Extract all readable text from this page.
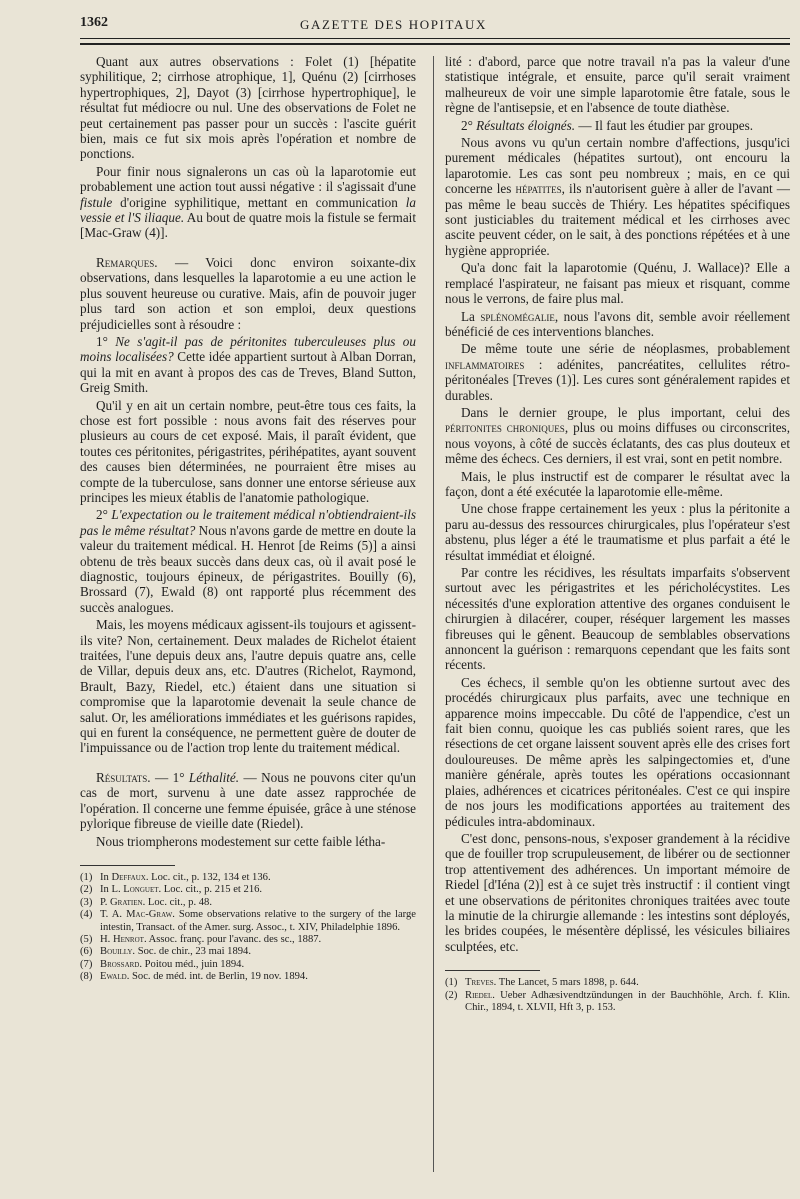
1362	GAZETTE DES HOPITAUX

Quant aux autres observations : Folet (1) [hépatite syphilitique, 2; cirrhose atrophique, 1], Quénu (2) [cirrhoses hypertrophiques, 2], Dayot (3) [cirrhose hypertrophique], le résultat fut médiocre ou nul. Une des observations de Folet ne peut certainement pas passer pour un succès : l'ascite guérit bien, mais ce fut six mois après l'opération et nombre de ponctions.

Pour finir nous signalerons un cas où la laparotomie eut probablement une action tout aussi négative : il s'agissait d'une fistule d'origine syphilitique, mettant en communication la vessie et l'S iliaque. Au bout de quatre mois la fistule se fermait [Mac-Graw (4)].

Remarques. — Voici donc environ soixante-dix observations, dans lesquelles la laparotomie a eu une action le plus souvent heureuse ou curative. Mais, afin de pouvoir juger plus tard son action et son emploi, deux questions préjudicielles sont à résoudre :

1° Ne s'agit-il pas de péritonites tuberculeuses plus ou moins localisées? Cette idée appartient surtout à Alban Dorran, qui la mit en avant à propos des cas de Treves, Bland Sutton, Greig Smith.

Qu'il y en ait un certain nombre, peut-être tous ces faits, la chose est fort possible : nous avons fait des réserves pour plusieurs au cours de cet exposé. Mais, il paraît évident, que toutes ces péritonites, périgastrites, périhépatites, ayant souvent des causes bien déterminées, ne pourraient être mises au compte de la tuberculose, sans donner une entorse sérieuse aux principes les mieux établis de l'anatomie pathologique.

2° L'expectation ou le traitement médical n'obtiendraient-ils pas le même résultat? Nous n'avons garde de mettre en doute la valeur du traitement médical. H. Henrot [de Reims (5)] a ainsi obtenu de très beaux succès dans deux cas, où il avait posé le diagnostic, toujours épineux, de périgastrites. Bouilly (6), Brossard (7), Ewald (8) ont rapporté plus récemment des succès analogues.

Mais, les moyens médicaux agissent-ils toujours et agissent-ils vite? Non, certainement. Deux malades de Richelot étaient traitées, l'une depuis deux ans, l'autre depuis quatre ans, celle de Villar, depuis deux ans, etc. D'autres (Richelot, Raymond, Brault, Bazy, Riedel, etc.) étaient dans une situation si compromise que la laparotomie devenait la seule chance de salut. Or, les améliorations immédiates et les guérisons rapides, qui en furent la conséquence, ne permettent guère de douter de l'impuissance ou de l'action trop lente du traitement médical.

Résultats. — 1° Léthalité. — Nous ne pouvons citer qu'un cas de mort, survenu à une date assez rapprochée de l'opération. Il concerne une femme épuisée, grâce à une sténose pylorique fibreuse de vieille date (Riedel).

Nous triompherons modestement sur cette faible létha-

(1) In Deffaux. Loc. cit., p. 132, 134 et 136.

(2) In L. Longuet. Loc. cit., p. 215 et 216.

(3) P. Gratien. Loc. cit., p. 48.

(4) T. A. Mac-Graw. Some observations relative to the surgery of the large intestin, Transact. of the Amer. surg. Assoc., t. XIV, Philadelphie 1896.

(5) H. Henrot. Assoc. franç. pour l'avanc. des sc., 1887.

(6) Bouilly. Soc. de chir., 23 mai 1894.

(7) Brossard. Poitou méd., juin 1894.

(8) Ewald. Soc. de méd. int. de Berlin, 19 nov. 1894.

lité : d'abord, parce que notre travail n'a pas la valeur d'une statistique intégrale, et ensuite, parce qu'il serait vraiment malheureux de voir une simple laparotomie être fatale, sous le règne de l'antisepsie, et en l'absence de toute diathèse.

2° Résultats éloignés. — Il faut les étudier par groupes.

Nous avons vu qu'un certain nombre d'affections, jusqu'ici purement médicales (hépatites surtout), ont encouru la laparotomie. Les cas sont peu nombreux ; mais, en ce qui concerne les hépatites, ils n'autorisent guère à aller de l'avant — pas même le beau succès de Thiéry. Les hépatites spécifiques sont justiciables du traitement médical et les cirrhoses avec ascite peuvent céder, on le sait, à des ponctions répétées et à une hygiène appropriée.

Qu'a donc fait la laparotomie (Quénu, J. Wallace)? Elle a remplacé l'aspirateur, ne faisant pas mieux et risquant, comme nous le verrons, de faire plus mal.

La splénomégalie, nous l'avons dit, semble avoir réellement bénéficié de ces interventions blanches.

De même toute une série de néoplasmes, probablement inflammatoires : adénites, pancréatites, cellulites rétro-péritonéales [Treves (1)]. Les cures sont généralement rapides et durables.

Dans le dernier groupe, le plus important, celui des péritonites chroniques, plus ou moins diffuses ou circonscrites, nous voyons, à côté de succès éclatants, des cas plus douteux et même des échecs. Ces derniers, il est vrai, sont en petit nombre.

Mais, le plus instructif est de comparer le résultat avec la façon, dont a été exécutée la laparotomie elle-même.

Une chose frappe certainement les yeux : plus la péritonite a paru au-dessus des ressources chirurgicales, plus l'opérateur s'est abstenu, plus léger a été le traumatisme et plus parfait a été le résultat immédiat et éloigné.

Par contre les récidives, les résultats imparfaits s'observent surtout avec les périgastrites et les péricholécystites. Les nécessités d'une exploration attentive des organes conduisent le chirurgien à dilacérer, couper, réséquer largement les masses fibreuses qui le gênent. Beaucoup de semblables observations annoncent la guérison : remarquons cependant que les faits sont récents.

Ces échecs, il semble qu'on les obtienne surtout avec des procédés chirurgicaux plus parfaits, avec une technique en apparence moins impeccable. Du côté de l'appendice, c'est un fait bien connu, quoique les cas publiés soient rares, que les résections de cet organe laissent souvent après elle des crises fort douloureuses. De même après les salpingectomies et, d'une manière générale, après toutes les opérations occasionnant plaies, adhérences et cicatrices péritonéales. C'est ce qui inspire de nos jours les modifications apportées au traitement des pédicules intra-abdominaux.

C'est donc, pensons-nous, s'exposer grandement à la récidive que de fouiller trop scrupuleusement, de libérer ou de sectionner trop attentivement des adhérences. Un important mémoire de Riedel [d'Iéna (2)] est à ce sujet très instructif : il contient vingt et une observations de péritonites chroniques traitées avec toute la minutie de la chirurgie allemande : les intestins sont déployés, les brides coupées, le mésentère déplissé, les vésicules biliaires sculptées, etc.

(1) Treves. The Lancet, 5 mars 1898, p. 644.

(2) Riedel. Ueber Adhæsivendtzündungen in der Bauchhöhle, Arch. f. Klin. Chir., 1894, t. XLVII, Hft 3, p. 153.
